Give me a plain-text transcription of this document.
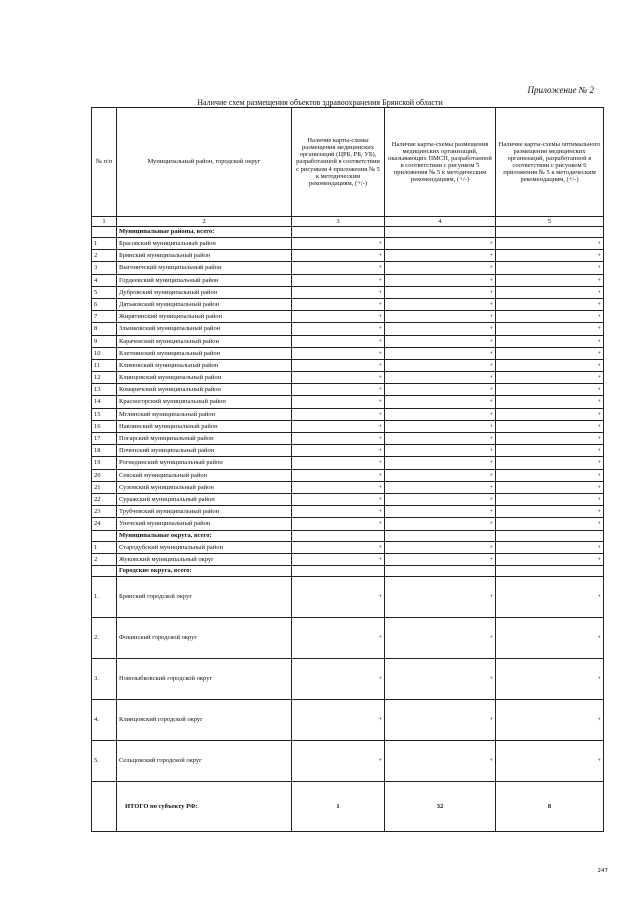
Приложение № 2
Наличие схем размещения объектов здравоохранения Брянской области
№ п/п	Муниципальный район, городской округ	Наличие карты-схемы размещения медицинских организаций (ЦРБ, РБ, УБ), разработанной в соответствии с рисунком 4 приложения № 5 к методическим рекомендациям, (+/-)	Наличие карты-схемы размещения медицинских организаций, оказывающих ПМСП, разработанной в соответствии с рисунком 5 приложения № 5 к методическим рекомендациям, (+/-)	Наличие карты-схемы оптимального размещения медицинских организаций, разработанной в соответствии с рисунком 6 приложения № 5 к методическим рекомендациям, (+/-)
1	2	3	4	5
	Муниципальные районы, всего:			
1	Брасовский муниципальный район	+	+	+
2	Брянский муниципальный район	+	+	+
3	Выгоничский муниципальный район	+	+	+
4	Гордеевский муниципальный район	+	+	+
5	Дубровский муниципальный район	+	+	+
6	Дятьковский муниципальный район	+	+	+
7	Жирятинский муниципальный район	+	+	+
8	Злынковский муниципальный район	+	+	+
9	Карачевский муниципальный район	+	+	+
10	Клетнянский муниципальный район	+	+	+
11	Климовский муниципальный район	+	+	+
12	Клинцовский муниципальный район	+	+	+
13	Комаричский муниципальный район	+	+	+
14	Красногорский муниципальный район	+	+	+
15	Мглинский муниципальный район	+	+	+
16	Навлинский муниципальный район	+	+	+
17	Погарский муниципальный район	+	+	+
18	Почепский муниципальный район	+	+	+
19	Рогнединский муниципальный район	+	+	+
20	Севский муниципальный район	+	+	+
21	Суземский муниципальный район	+	+	+
22	Суражский муниципальный район	+	+	+
23	Трубчевский муниципальный район	+	+	+
24	Унечский муниципальный район	+	+	+
	Муниципальные округа, всего:			
1	Стародубский муниципальный район	+	+	+
2	Жуковский муниципальный округ	+	+	+
	Городские округа, всего:			
1.	Брянский городской округ	+	+	+
2.	Фокинский городской округ	+	+	+
3.	Новозыбковский городской округ	+	+	+
4.	Клинцовский городской округ	+	+	+
5.	Сельцовский городской округ	+	+	+
	ИТОГО по субъекту РФ:	1	32	8
247
